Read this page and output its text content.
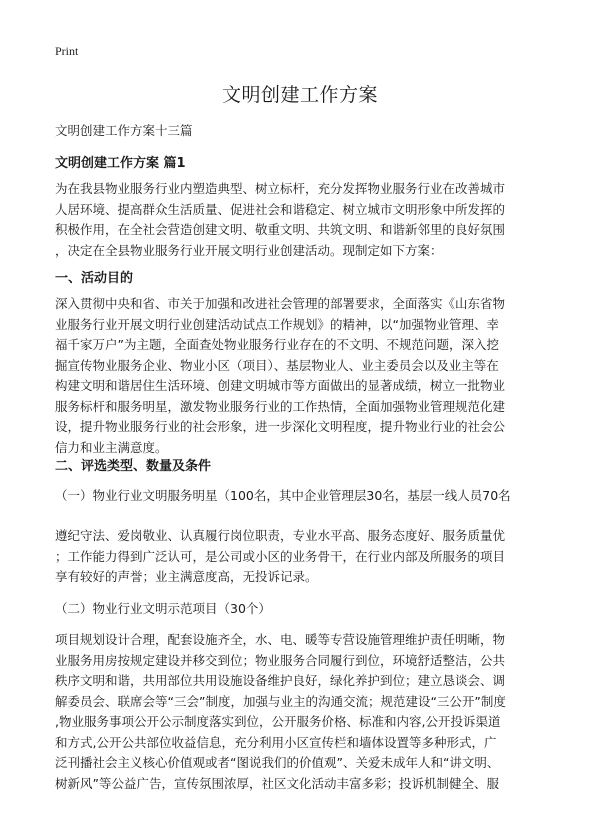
Print
文明创建工作方案

文明创建工作方案十三篇

文明创建工作方案 篇1

为在我县物业服务行业内塑造典型、树立标杆，充分发挥物业服务行业在改善城市
人居环境、提高群众生活质量、促进社会和谐稳定、树立城市文明形象中所发挥的
积极作用，在全社会营造创建文明、敬重文明、共筑文明、和谐新邻里的良好氛围
，决定在全县物业服务行业开展文明行业创建活动。现制定如下方案：

一、活动目的

深入贯彻中央和省、市关于加强和改进社会管理的部署要求，全面落实《山东省物
业服务行业开展文明行业创建活动试点工作规划》的精神，以“加强物业管理、幸
福千家万户”为主题，全面查处物业服务行业存在的不文明、不规范问题，深入挖
掘宣传物业服务企业、物业小区（项目）、基层物业人、业主委员会以及业主等在
构建文明和谐居住生活环境、创建文明城市等方面做出的显著成绩，树立一批物业
服务标杆和服务明星，激发物业服务行业的工作热情，全面加强物业管理规范化建
设，提升物业服务行业的社会形象，进一步深化文明程度，提升物业行业的社会公
信力和业主满意度。

二、评选类型、数量及条件

（一）物业行业文明服务明星（100名，其中企业管理层30名，基层一线人员70名

遵纪守法、爱岗敬业、认真履行岗位职责，专业水平高、服务态度好、服务质量优
；工作能力得到广泛认可，是公司或小区的业务骨干，在行业内部及所服务的项目
享有较好的声誉；业主满意度高，无投诉记录。

（二）物业行业文明示范项目（30个）

项目规划设计合理，配套设施齐全，水、电、暖等专营设施管理维护责任明晰，物
业服务用房按规定建设并移交到位；物业服务合同履行到位，环境舒适整洁，公共
秩序文明和谐，共用部位共用设施设备维护良好，绿化养护到位；建立恳谈会、调
解委员会、联席会等“三会”制度，加强与业主的沟通交流；规范建设“三公开”制度
,物业服务事项公开公示制度落实到位，公开服务价格、标准和内容,公开投诉渠道
和方式,公开公共部位收益信息，充分利用小区宣传栏和墙体设置等多种形式，广
泛刊播社会主义核心价值观或者“图说我们的价值观”、关爱未成年人和“讲文明、
树新风”等公益广告，宣传氛围浓厚，社区文化活动丰富多彩；投诉机制健全、服
